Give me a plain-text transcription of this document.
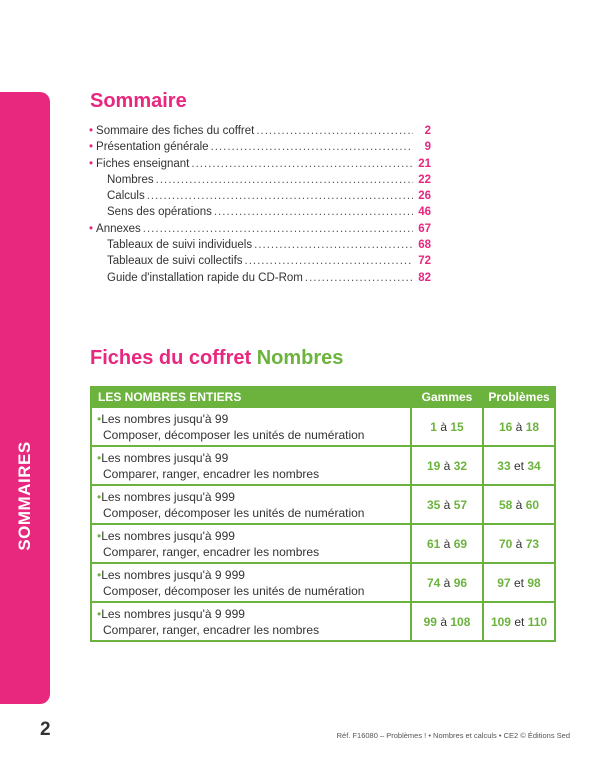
SOMMAIRES
Sommaire
• Sommaire des fiches du coffret .....	2
• Présentation générale .....	9
• Fiches enseignant .....	21
Nombres .....	22
Calculs .....	26
Sens des opérations .....	46
• Annexes .....	67
Tableaux de suivi individuels .....	68
Tableaux de suivi collectifs .....	72
Guide d'installation rapide du CD-Rom .....	82
Fiches du coffret Nombres
LES NOMBRES ENTIERS	Gammes	Problèmes

•Les nombres jusqu'à 99
Composer, décomposer les unités de numération	1 à 15	16 à 18

•Les nombres jusqu'à 99
Comparer, ranger, encadrer les nombres	19 à 32	33 et 34

•Les nombres jusqu'à 999
Composer, décomposer les unités de numération	35 à 57	58 à 60

•Les nombres jusqu'à 999
Comparer, ranger, encadrer les nombres	61 à 69	70 à 73

•Les nombres jusqu'à 9 999
Composer, décomposer les unités de numération	74 à 96	97 et 98

•Les nombres jusqu'à 9 999
Comparer, ranger, encadrer les nombres	99 à 108	109 et 110
2	Réf. F16080 – Problèmes ! • Nombres et calculs • CE2 © Éditions Sed
